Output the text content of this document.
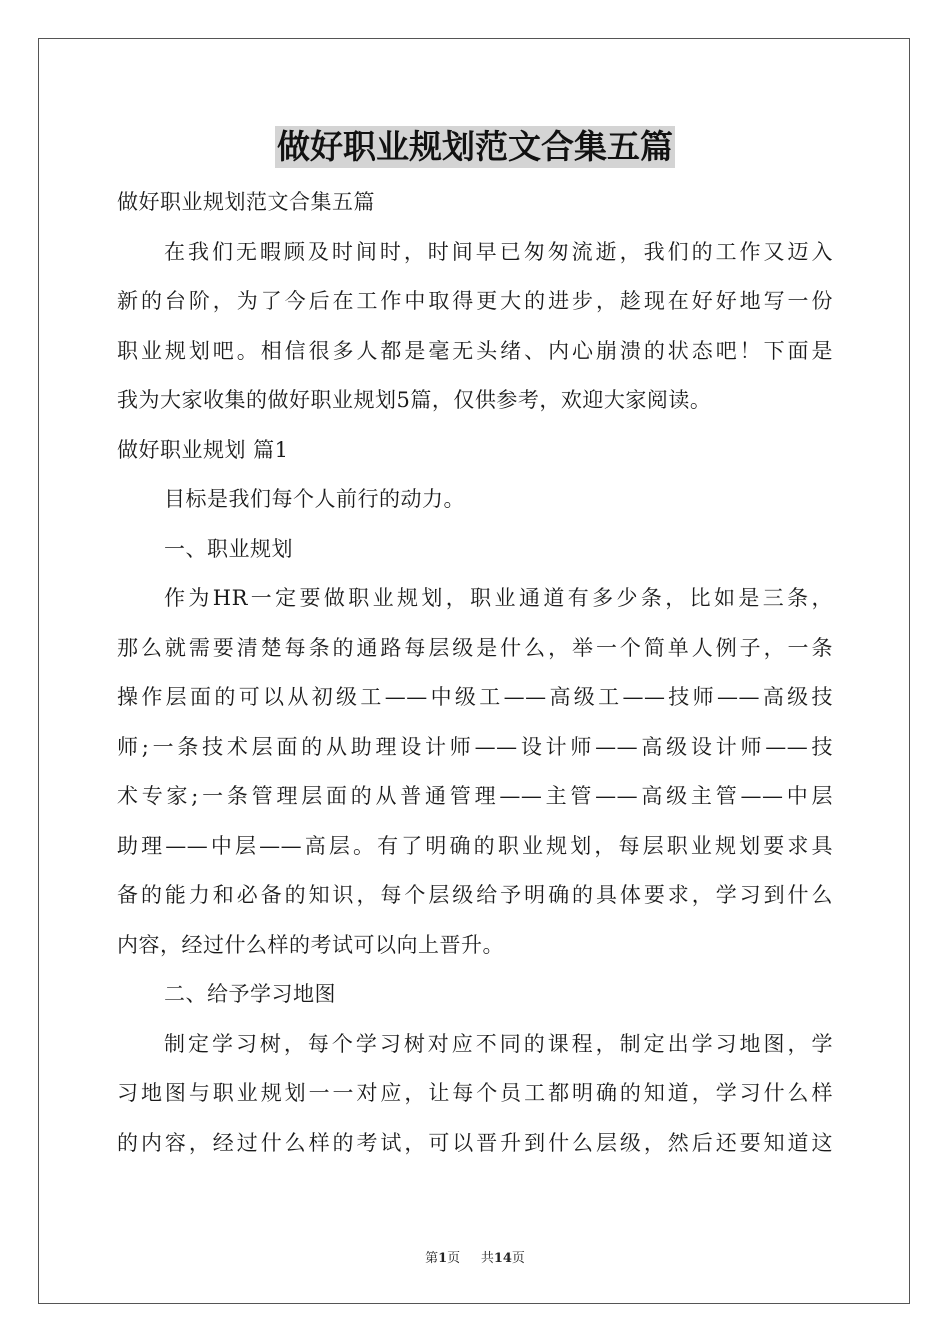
做好职业规划范文合集五篇
做好职业规划范文合集五篇
在我们无暇顾及时间时，时间早已匆匆流逝，我们的工作又迈入
新的台阶，为了今后在工作中取得更大的进步，趁现在好好地写一份
职业规划吧。相信很多人都是毫无头绪、内心崩溃的状态吧！下面是
我为大家收集的做好职业规划5篇，仅供参考，欢迎大家阅读。
做好职业规划 篇1
目标是我们每个人前行的动力。
一、职业规划
作为HR一定要做职业规划，职业通道有多少条，比如是三条，
那么就需要清楚每条的通路每层级是什么，举一个简单人例子，一条
操作层面的可以从初级工——中级工——高级工——技师——高级技
师;一条技术层面的从助理设计师——设计师——高级设计师——技
术专家;一条管理层面的从普通管理——主管——高级主管——中层
助理——中层——高层。有了明确的职业规划，每层职业规划要求具
备的能力和必备的知识，每个层级给予明确的具体要求，学习到什么
内容，经过什么样的考试可以向上晋升。
二、给予学习地图
制定学习树，每个学习树对应不同的课程，制定出学习地图，学
习地图与职业规划一一对应，让每个员工都明确的知道，学习什么样
的内容，经过什么样的考试，可以晋升到什么层级，然后还要知道这
第1页 共14页
